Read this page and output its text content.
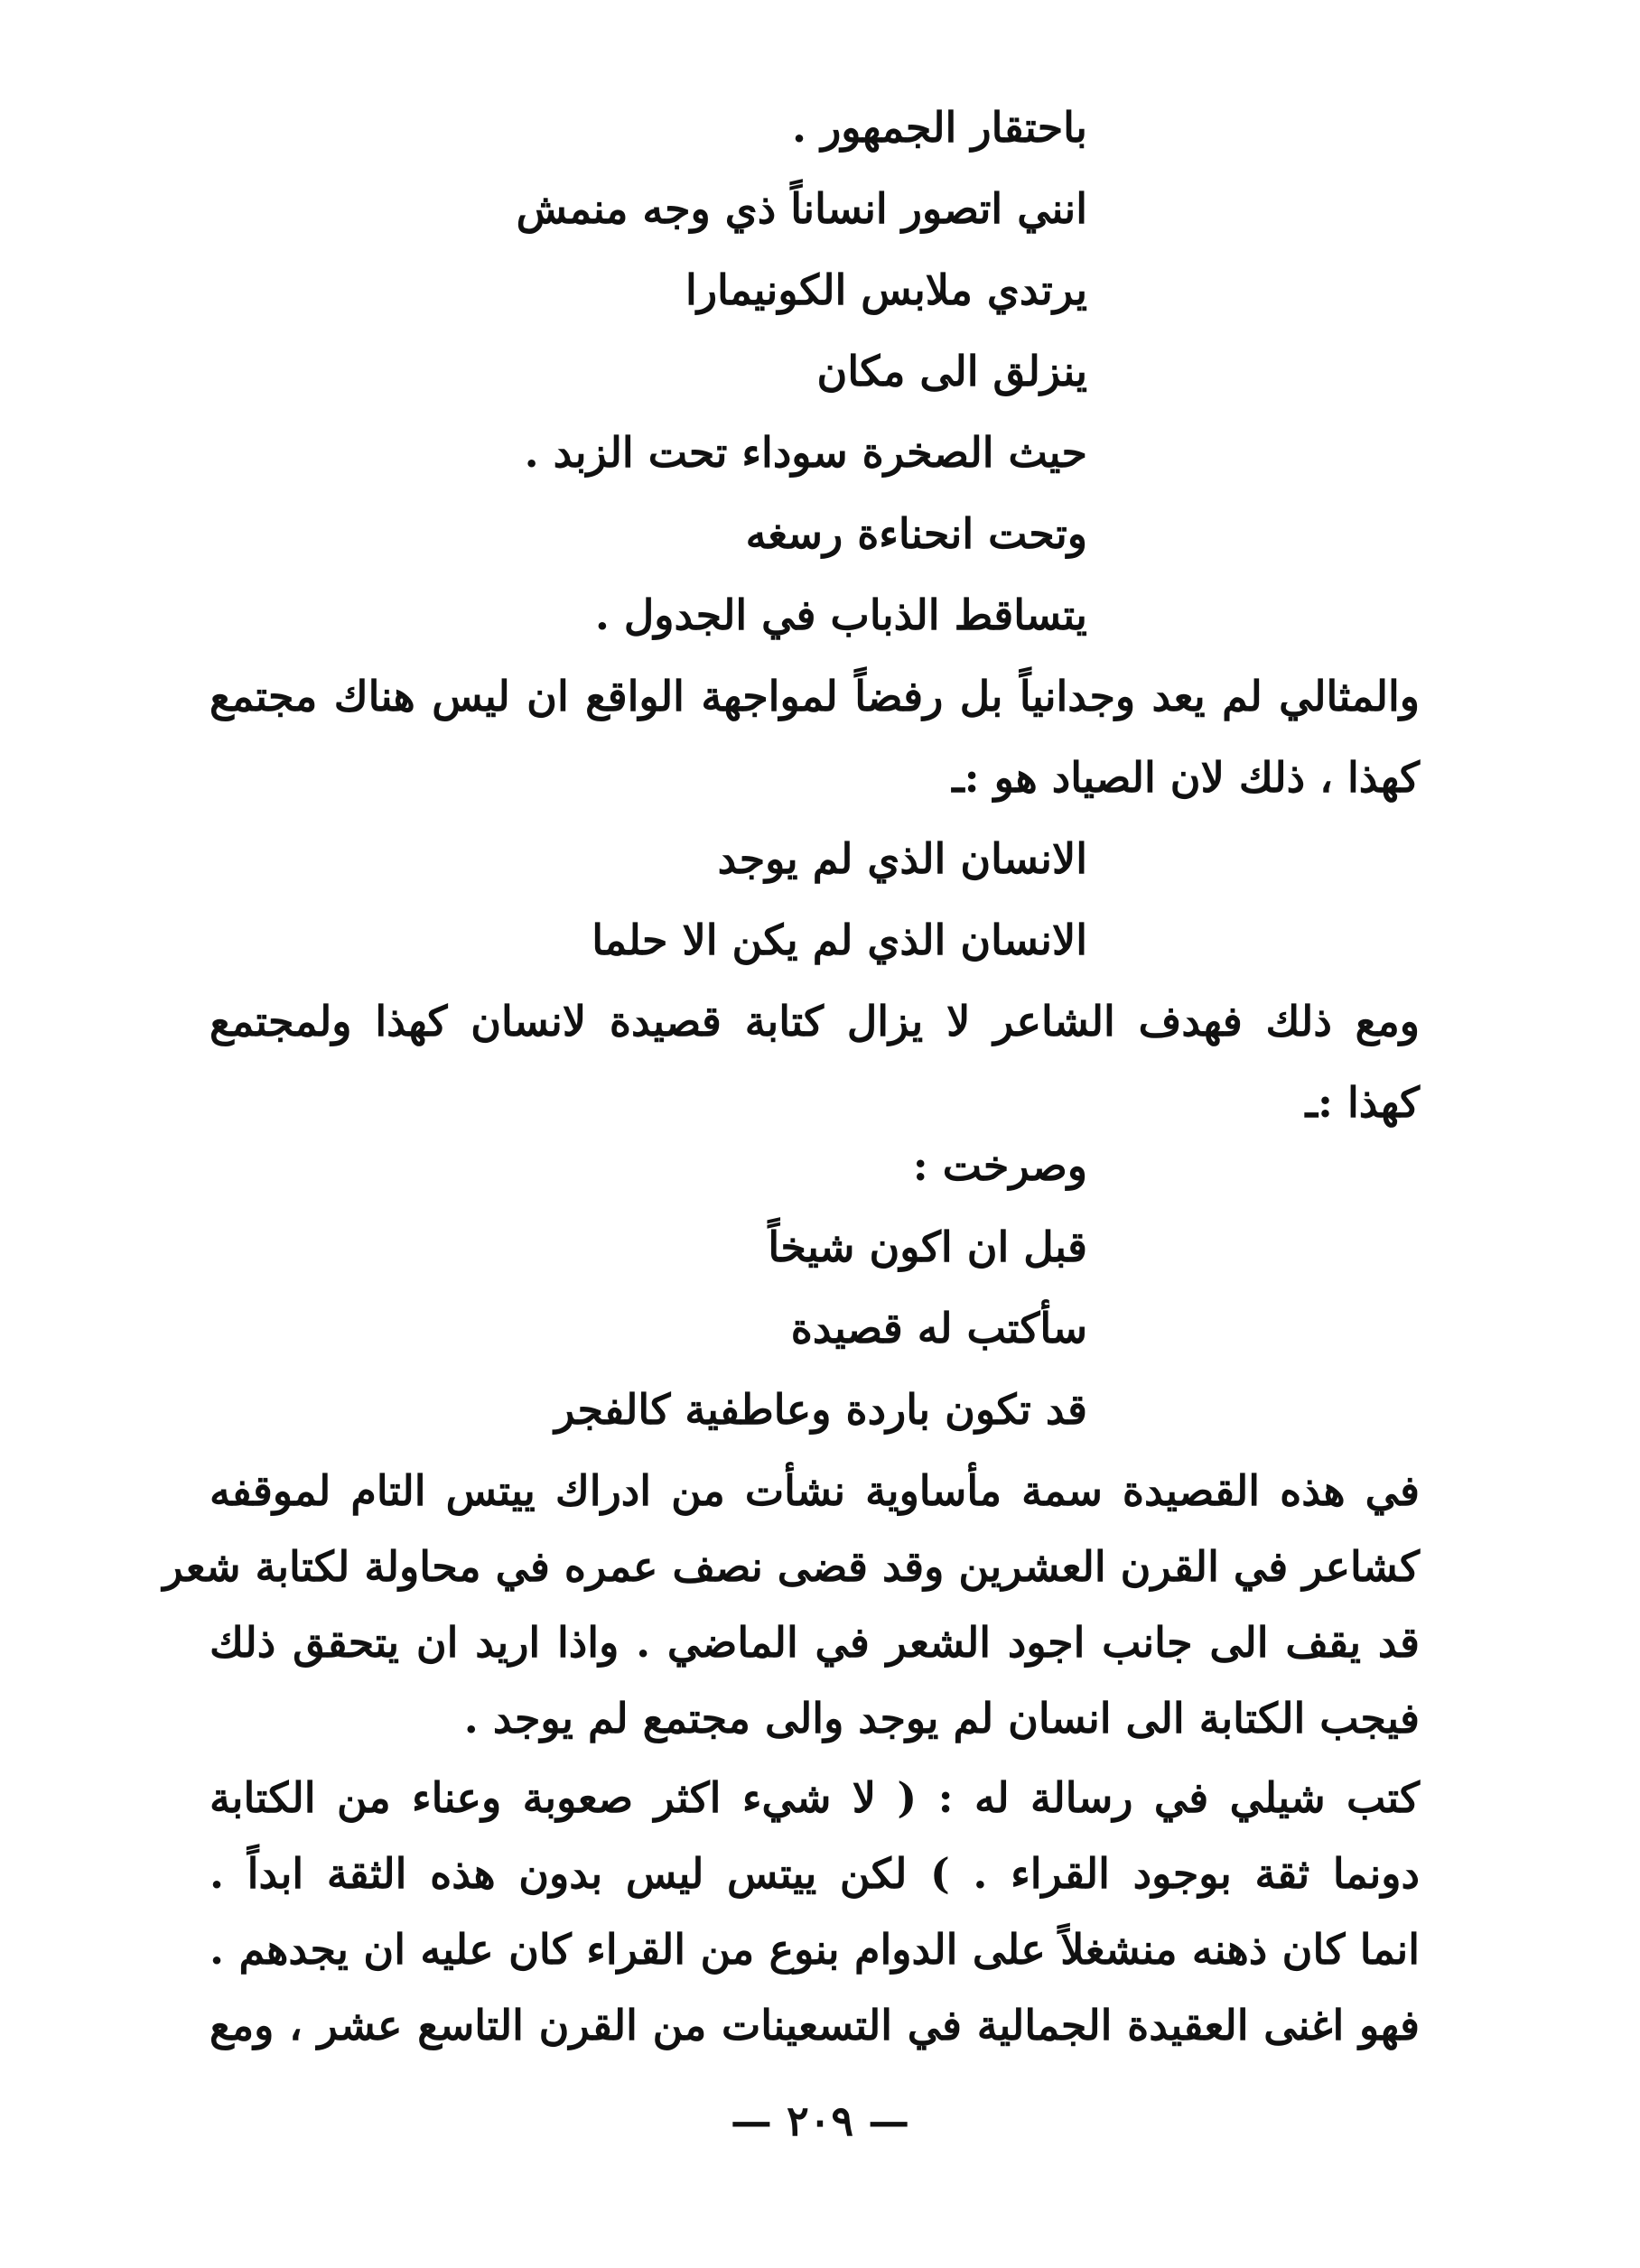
باحتقار الجمهور .

انني اتصور انساناً ذي وجه منمش

يرتدي ملابس الكونيمارا

ينزلق الى مكان

حيث الصخرة سوداء تحت الزبد .

وتحت انحناءة رسغه

يتساقط الذباب في الجدول .

والمثالي لم يعد وجدانياً بل رفضاً لمواجهة الواقع ان ليس هناك مجتمع

كهذا ، ذلك لان الصياد هو :ـ

الانسان الذي لم يوجد

الانسان الذي لم يكن الا حلما

ومع ذلك فهدف الشاعر لا يزال كتابة قصيدة لانسان كهذا ولمجتمع

كهذا :ـ

وصرخت :

قبل ان اكون شيخاً

سأكتب له قصيدة

قد تكون باردة وعاطفية كالفجر

في هذه القصيدة سمة مأساوية نشأت من ادراك ييتس التام لموقفه

كشاعر في القرن العشرين وقد قضى نصف عمره في محاولة لكتابة شعر

قد يقف الى جانب اجود الشعر في الماضي . واذا اريد ان يتحقق ذلك

فيجب الكتابة الى انسان لم يوجد والى مجتمع لم يوجد .

كتب شيلي في رسالة له : ( لا شيء اكثر صعوبة وعناء من الكتابة

دونما ثقة بوجود القراء . ) لكن ييتس ليس بدون هذه الثقة ابداً .

انما كان ذهنه منشغلاً على الدوام بنوع من القراء كان عليه ان يجدهم .

فهو اغنى العقيدة الجمالية في التسعينات من القرن التاسع عشر ، ومع

— ٢٠٩ —
